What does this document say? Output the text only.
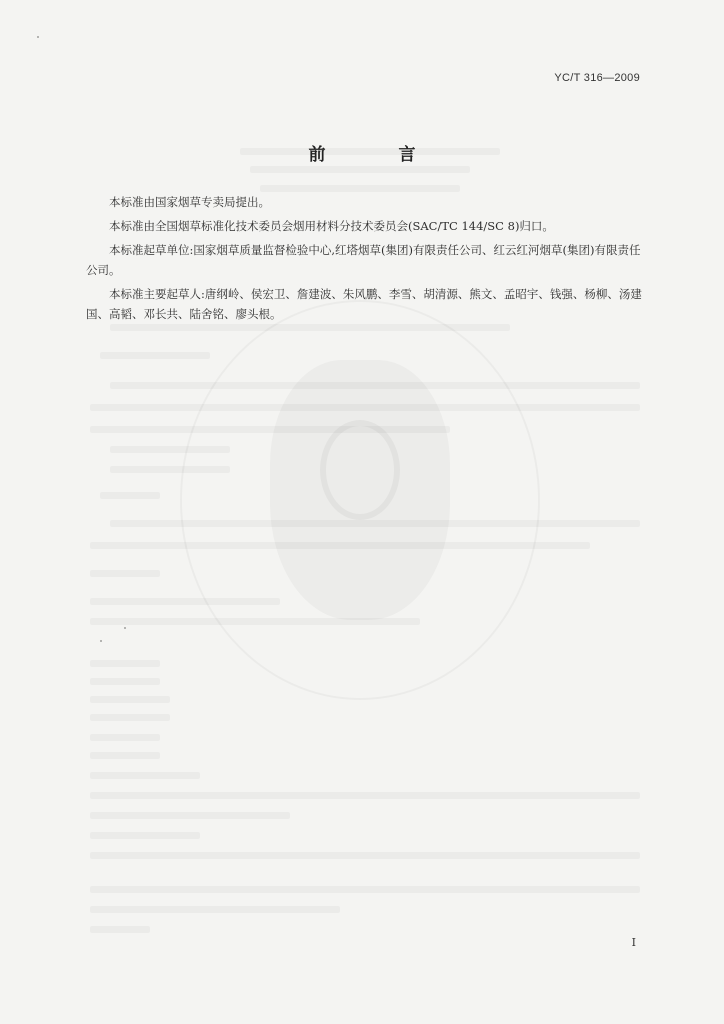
YC/T 316—2009
前　言

本标准由国家烟草专卖局提出。

本标准由全国烟草标准化技术委员会烟用材料分技术委员会(SAC/TC 144/SC 8)归口。

本标准起草单位:国家烟草质量监督检验中心,红塔烟草(集团)有限责任公司、红云红河烟草(集团)有限责任公司。

本标准主要起草人:唐纲岭、侯宏卫、詹建波、朱风鹏、李雪、胡清源、熊文、孟昭宇、钱强、杨柳、汤建国、高韬、邓长共、陆舍铭、廖头根。

I
